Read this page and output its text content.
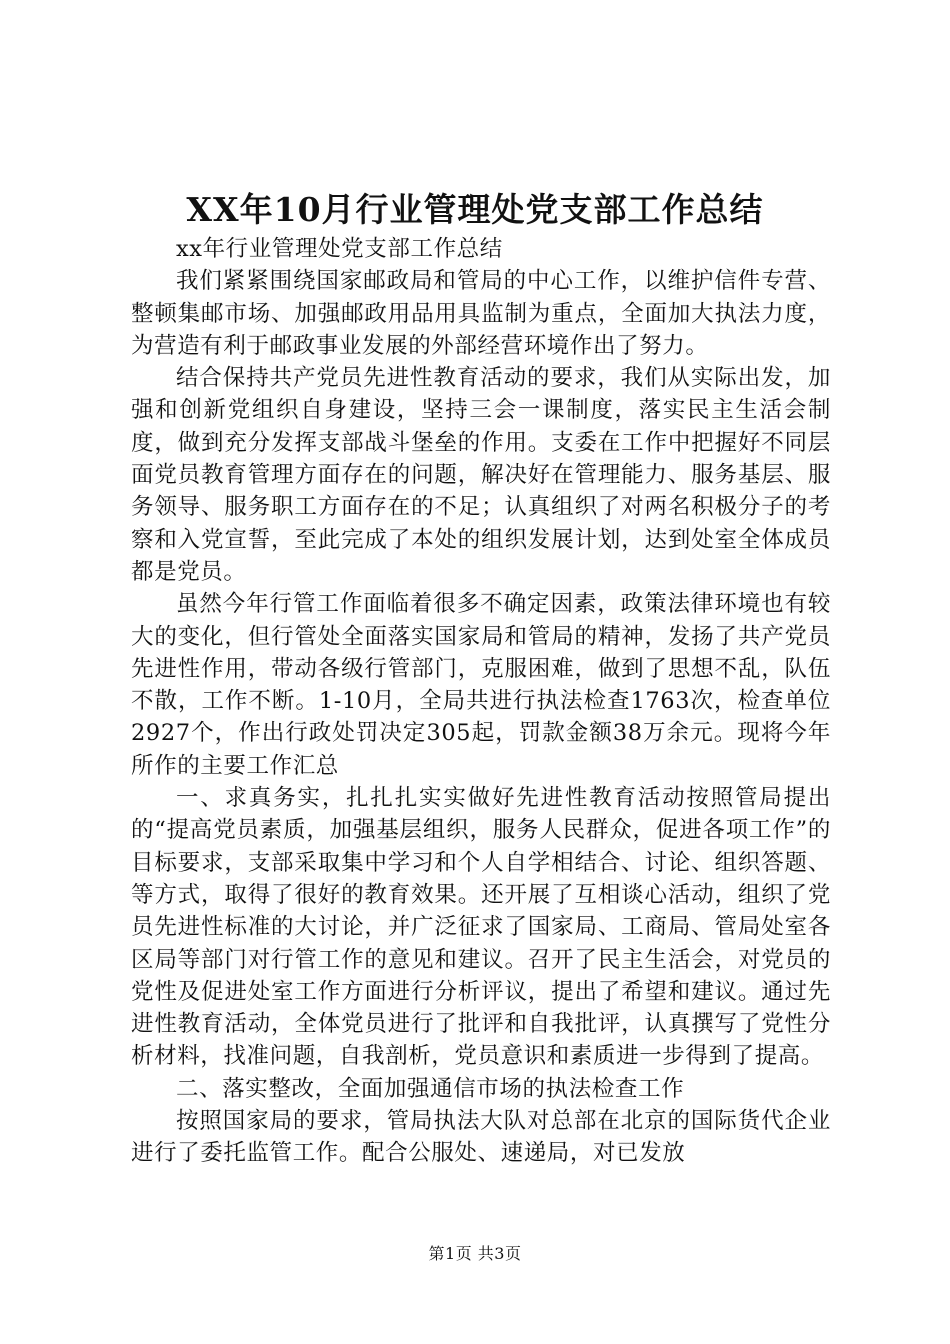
XX年10月行业管理处党支部工作总结

xx年行业管理处党支部工作总结

我们紧紧围绕国家邮政局和管局的中心工作，以维护信件专营、整顿集邮市场、加强邮政用品用具监制为重点，全面加大执法力度，为营造有利于邮政事业发展的外部经营环境作出了努力。

结合保持共产党员先进性教育活动的要求，我们从实际出发，加强和创新党组织自身建设，坚持三会一课制度，落实民主生活会制度，做到充分发挥支部战斗堡垒的作用。支委在工作中把握好不同层面党员教育管理方面存在的问题，解决好在管理能力、服务基层、服务领导、服务职工方面存在的不足；认真组织了对两名积极分子的考察和入党宣誓，至此完成了本处的组织发展计划，达到处室全体成员都是党员。

虽然今年行管工作面临着很多不确定因素，政策法律环境也有较大的变化，但行管处全面落实国家局和管局的精神，发扬了共产党员先进性作用，带动各级行管部门，克服困难，做到了思想不乱，队伍不散，工作不断。1-10月，全局共进行执法检查1763次，检查单位2927个，作出行政处罚决定305起，罚款金额38万余元。现将今年所作的主要工作汇总

一、求真务实，扎扎扎实实做好先进性教育活动按照管局提出的“提高党员素质，加强基层组织，服务人民群众，促进各项工作”的目标要求，支部采取集中学习和个人自学相结合、讨论、组织答题、等方式，取得了很好的教育效果。还开展了互相谈心活动，组织了党员先进性标准的大讨论，并广泛征求了国家局、工商局、管局处室各区局等部门对行管工作的意见和建议。召开了民主生活会，对党员的党性及促进处室工作方面进行分析评议，提出了希望和建议。通过先进性教育活动，全体党员进行了批评和自我批评，认真撰写了党性分析材料，找准问题，自我剖析，党员意识和素质进一步得到了提高。

二、落实整改，全面加强通信市场的执法检查工作

按照国家局的要求，管局执法大队对总部在北京的国际货代企业进行了委托监管工作。配合公服处、速递局，对已发放

第1页 共3页
